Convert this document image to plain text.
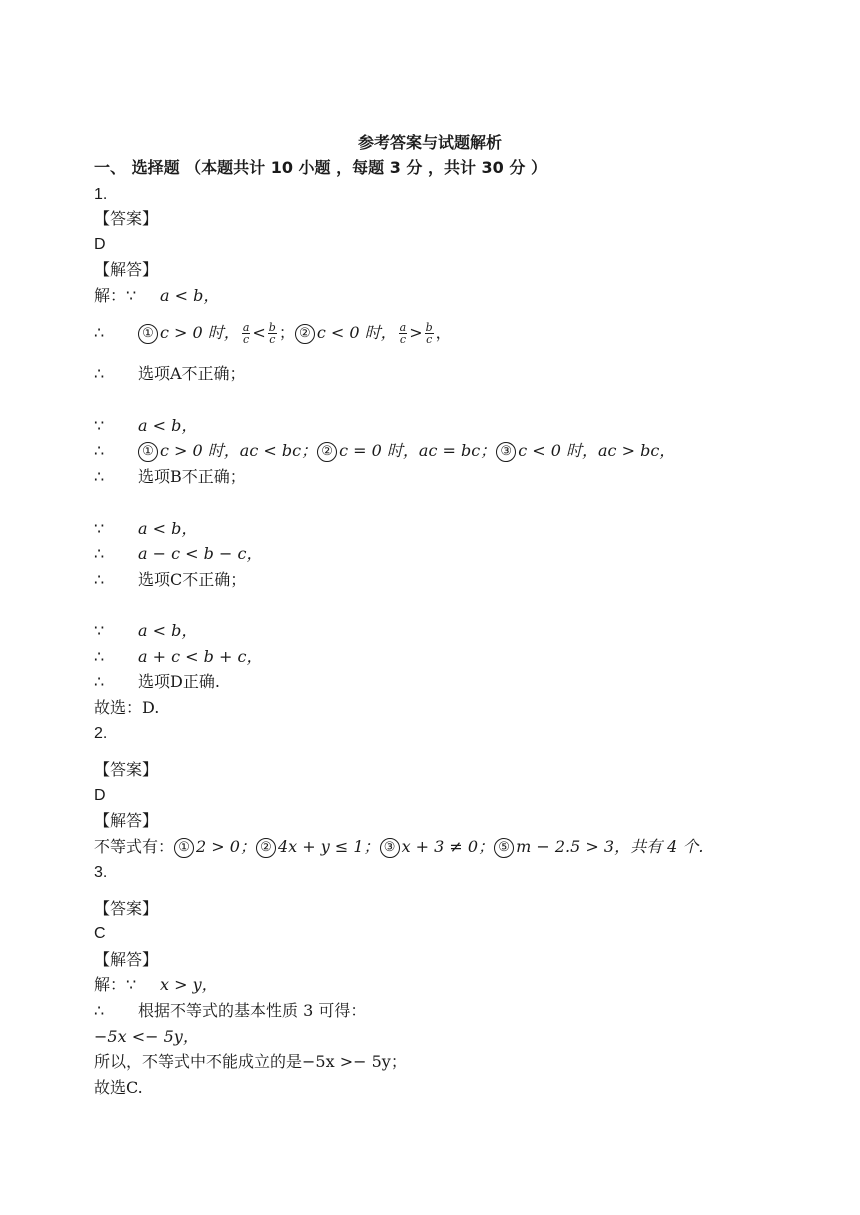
参考答案与试题解析
一、 选择题 （本题共计 10 小题 ，每题 3 分 ，共计 30 分 ）
1.
【答案】
D
【解答】
解：∵ a < b，
∴	① c > 0 时， $\frac{a}{c} < \frac{b}{c}$ ； ② c < 0 时， $\frac{a}{c} > \frac{b}{c}$ ，
∴ 选项A不正确；
∵ a < b，
∴	① c > 0 时，ac < bc； ② c = 0 时，ac = bc； ③ c < 0 时，ac > bc，
∴ 选项B不正确；
∵ a < b，
∴ a − c < b − c，
∴ 选项C不正确；
∵ a < b，
∴ a + c < b + c，
∴ 选项D正确.
故选：D.
2.
【答案】
D
【解答】
不等式有： ① 2 > 0； ② 4x + y ≤ 1； ③ x + 3 ≠ 0； ⑤ m − 2.5 > 3，共有 4 个.
3.
【答案】
C
【解答】
解：∵ x > y，
∴ 根据不等式的基本性质 3 可得：
−5x <− 5y，
所以，不等式中不能成立的是−5x >− 5y；
故选C.
